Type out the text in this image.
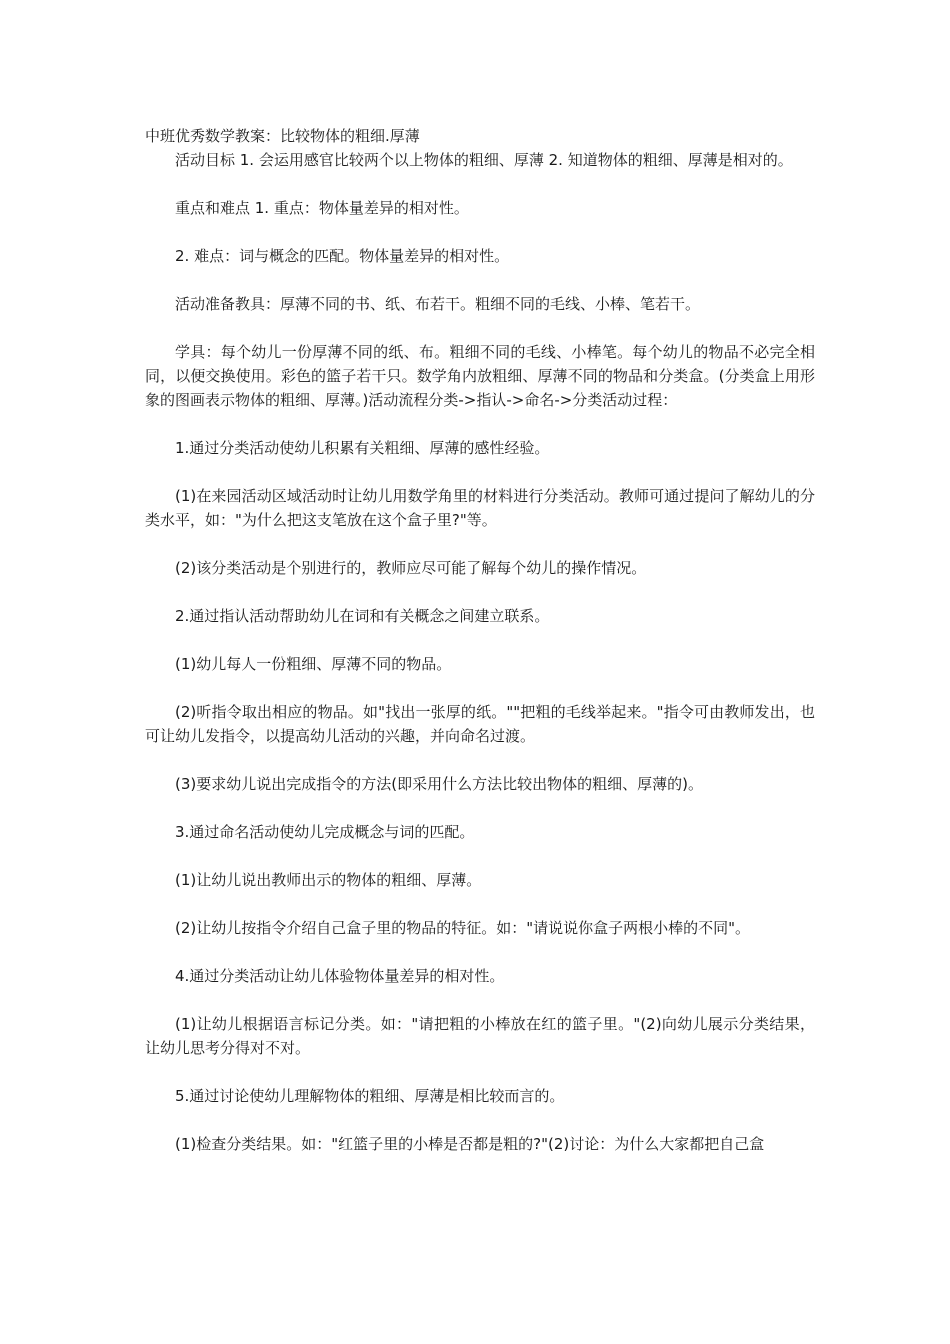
中班优秀数学教案：比较物体的粗细.厚薄

活动目标 1. 会运用感官比较两个以上物体的粗细、厚薄 2. 知道物体的粗细、厚薄是相对的。

重点和难点 1. 重点：物体量差异的相对性。

2. 难点：词与概念的匹配。物体量差异的相对性。

活动准备教具：厚薄不同的书、纸、布若干。粗细不同的毛线、小棒、笔若干。

学具：每个幼儿一份厚薄不同的纸、布。粗细不同的毛线、小棒笔。每个幼儿的物品不必完全相同，以便交换使用。彩色的篮子若干只。数学角内放粗细、厚薄不同的物品和分类盒。(分类盒上用形象的图画表示物体的粗细、厚薄。)活动流程分类->指认->命名->分类活动过程：

1.通过分类活动使幼儿积累有关粗细、厚薄的感性经验。

(1)在来园活动区域活动时让幼儿用数学角里的材料进行分类活动。教师可通过提问了解幼儿的分类水平，如："为什么把这支笔放在这个盒子里?"等。

(2)该分类活动是个别进行的，教师应尽可能了解每个幼儿的操作情况。

2.通过指认活动帮助幼儿在词和有关概念之间建立联系。

(1)幼儿每人一份粗细、厚薄不同的物品。

(2)听指令取出相应的物品。如"找出一张厚的纸。""把粗的毛线举起来。"指令可由教师发出，也可让幼儿发指令，以提高幼儿活动的兴趣，并向命名过渡。

(3)要求幼儿说出完成指令的方法(即采用什么方法比较出物体的粗细、厚薄的)。

3.通过命名活动使幼儿完成概念与词的匹配。

(1)让幼儿说出教师出示的物体的粗细、厚薄。

(2)让幼儿按指令介绍自己盒子里的物品的特征。如："请说说你盒子两根小棒的不同"。

4.通过分类活动让幼儿体验物体量差异的相对性。

(1)让幼儿根据语言标记分类。如："请把粗的小棒放在红的篮子里。"(2)向幼儿展示分类结果，让幼儿思考分得对不对。

5.通过讨论使幼儿理解物体的粗细、厚薄是相比较而言的。

(1)检查分类结果。如："红篮子里的小棒是否都是粗的?"(2)讨论：为什么大家都把自己盒
